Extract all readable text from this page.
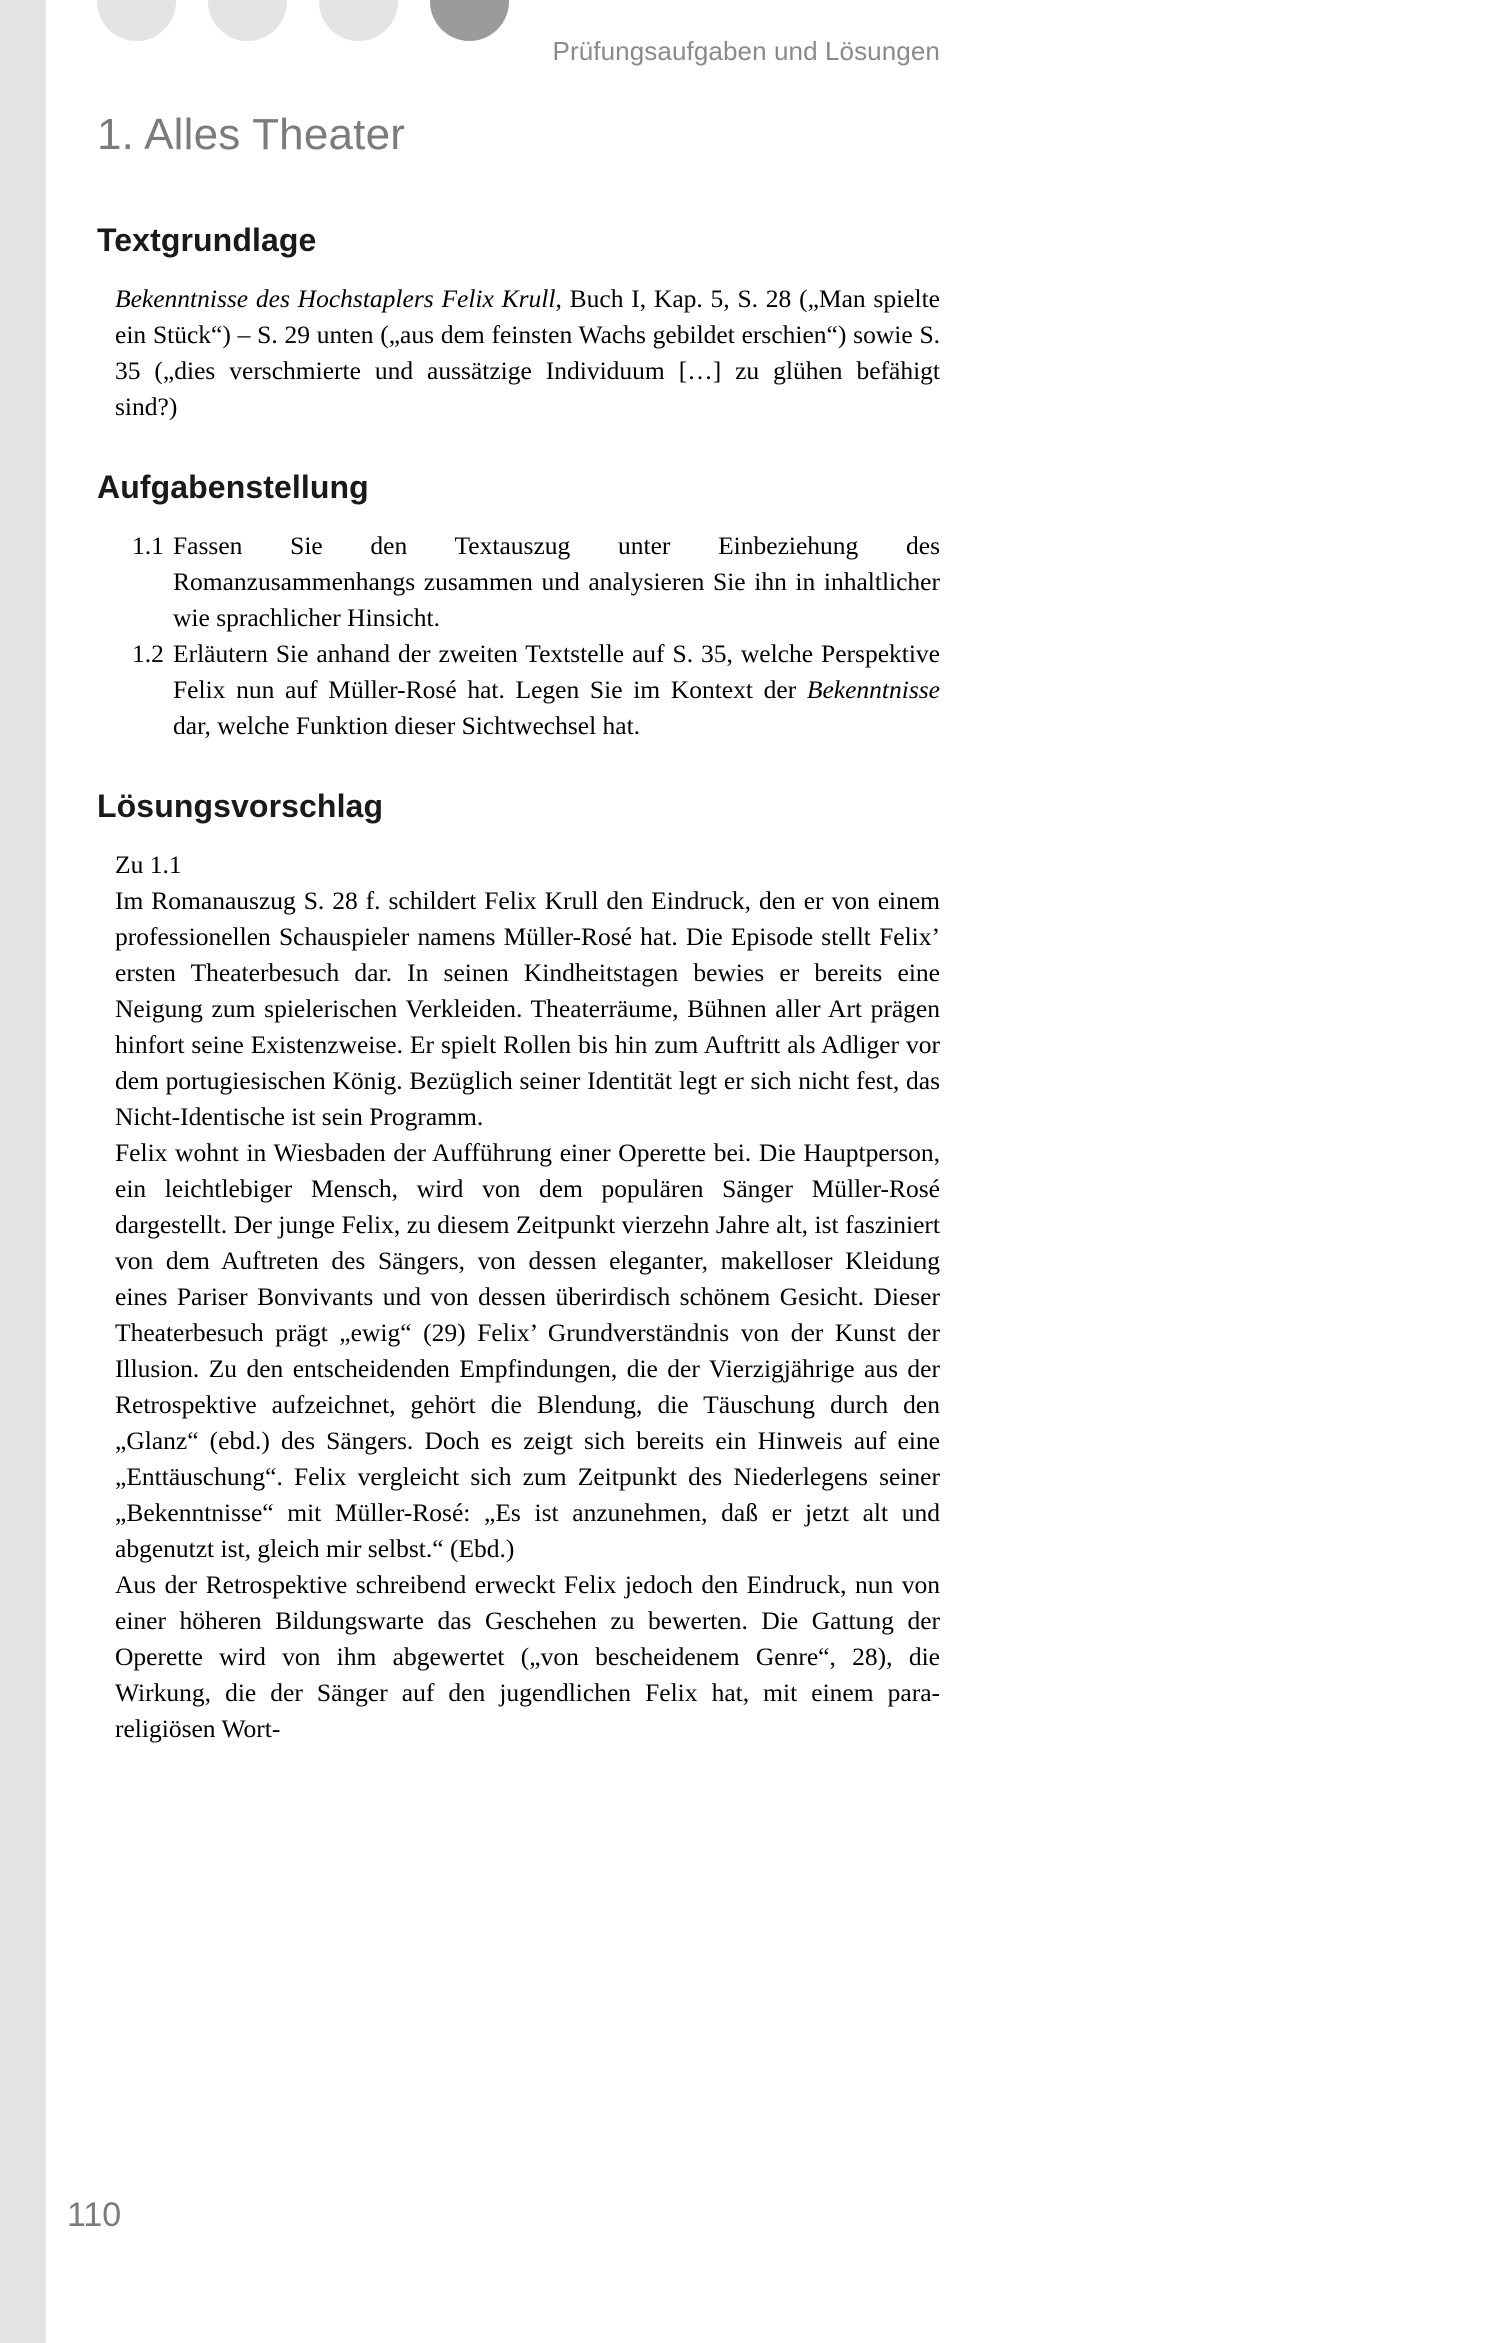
Prüfungsaufgaben und Lösungen
1. Alles Theater
Textgrundlage

Bekenntnisse des Hochstaplers Felix Krull, Buch I, Kap. 5, S. 28 („Man spielte ein Stück“) – S. 29 unten („aus dem feinsten Wachs gebildet erschien“) sowie S. 35 („dies verschmierte und aussätzige Individuum […] zu glühen befähigt sind?)

Aufgabenstellung
1.1 Fassen Sie den Textauszug unter Einbeziehung des Romanzusammenhangs zusammen und analysieren Sie ihn in inhaltlicher wie sprachlicher Hinsicht.
1.2 Erläutern Sie anhand der zweiten Textstelle auf S. 35, welche Perspektive Felix nun auf Müller-Rosé hat. Legen Sie im Kontext der Bekenntnisse dar, welche Funktion dieser Sichtwechsel hat.
Lösungsvorschlag

Zu 1.1

Im Romanauszug S. 28 f. schildert Felix Krull den Eindruck, den er von einem professionellen Schauspieler namens Müller-Rosé hat. Die Episode stellt Felix’ ersten Theaterbesuch dar. In seinen Kindheitstagen bewies er bereits eine Neigung zum spielerischen Verkleiden. Theaterräume, Bühnen aller Art prägen hinfort seine Existenzweise. Er spielt Rollen bis hin zum Auftritt als Adliger vor dem portugiesischen König. Bezüglich seiner Identität legt er sich nicht fest, das Nicht-Identische ist sein Programm.

Felix wohnt in Wiesbaden der Aufführung einer Operette bei. Die Hauptperson, ein leichtlebiger Mensch, wird von dem populären Sänger Müller-Rosé dargestellt. Der junge Felix, zu diesem Zeitpunkt vierzehn Jahre alt, ist fasziniert von dem Auftreten des Sängers, von dessen eleganter, makelloser Kleidung eines Pariser Bonvivants und von dessen überirdisch schönem Gesicht. Dieser Theaterbesuch prägt „ewig“ (29) Felix’ Grundverständnis von der Kunst der Illusion. Zu den entscheidenden Empfindungen, die der Vierzigjährige aus der Retrospektive aufzeichnet, gehört die Blendung, die Täuschung durch den „Glanz“ (ebd.) des Sängers. Doch es zeigt sich bereits ein Hinweis auf eine „Enttäuschung“. Felix vergleicht sich zum Zeitpunkt des Niederlegens seiner „Bekenntnisse“ mit Müller-Rosé: „Es ist anzunehmen, daß er jetzt alt und abgenutzt ist, gleich mir selbst.“ (Ebd.)

Aus der Retrospektive schreibend erweckt Felix jedoch den Eindruck, nun von einer höheren Bildungswarte das Geschehen zu bewerten. Die Gattung der Operette wird von ihm abgewertet („von bescheidenem Genre“, 28), die Wirkung, die der Sänger auf den jugendlichen Felix hat, mit einem para-religiösen Wort-

110
